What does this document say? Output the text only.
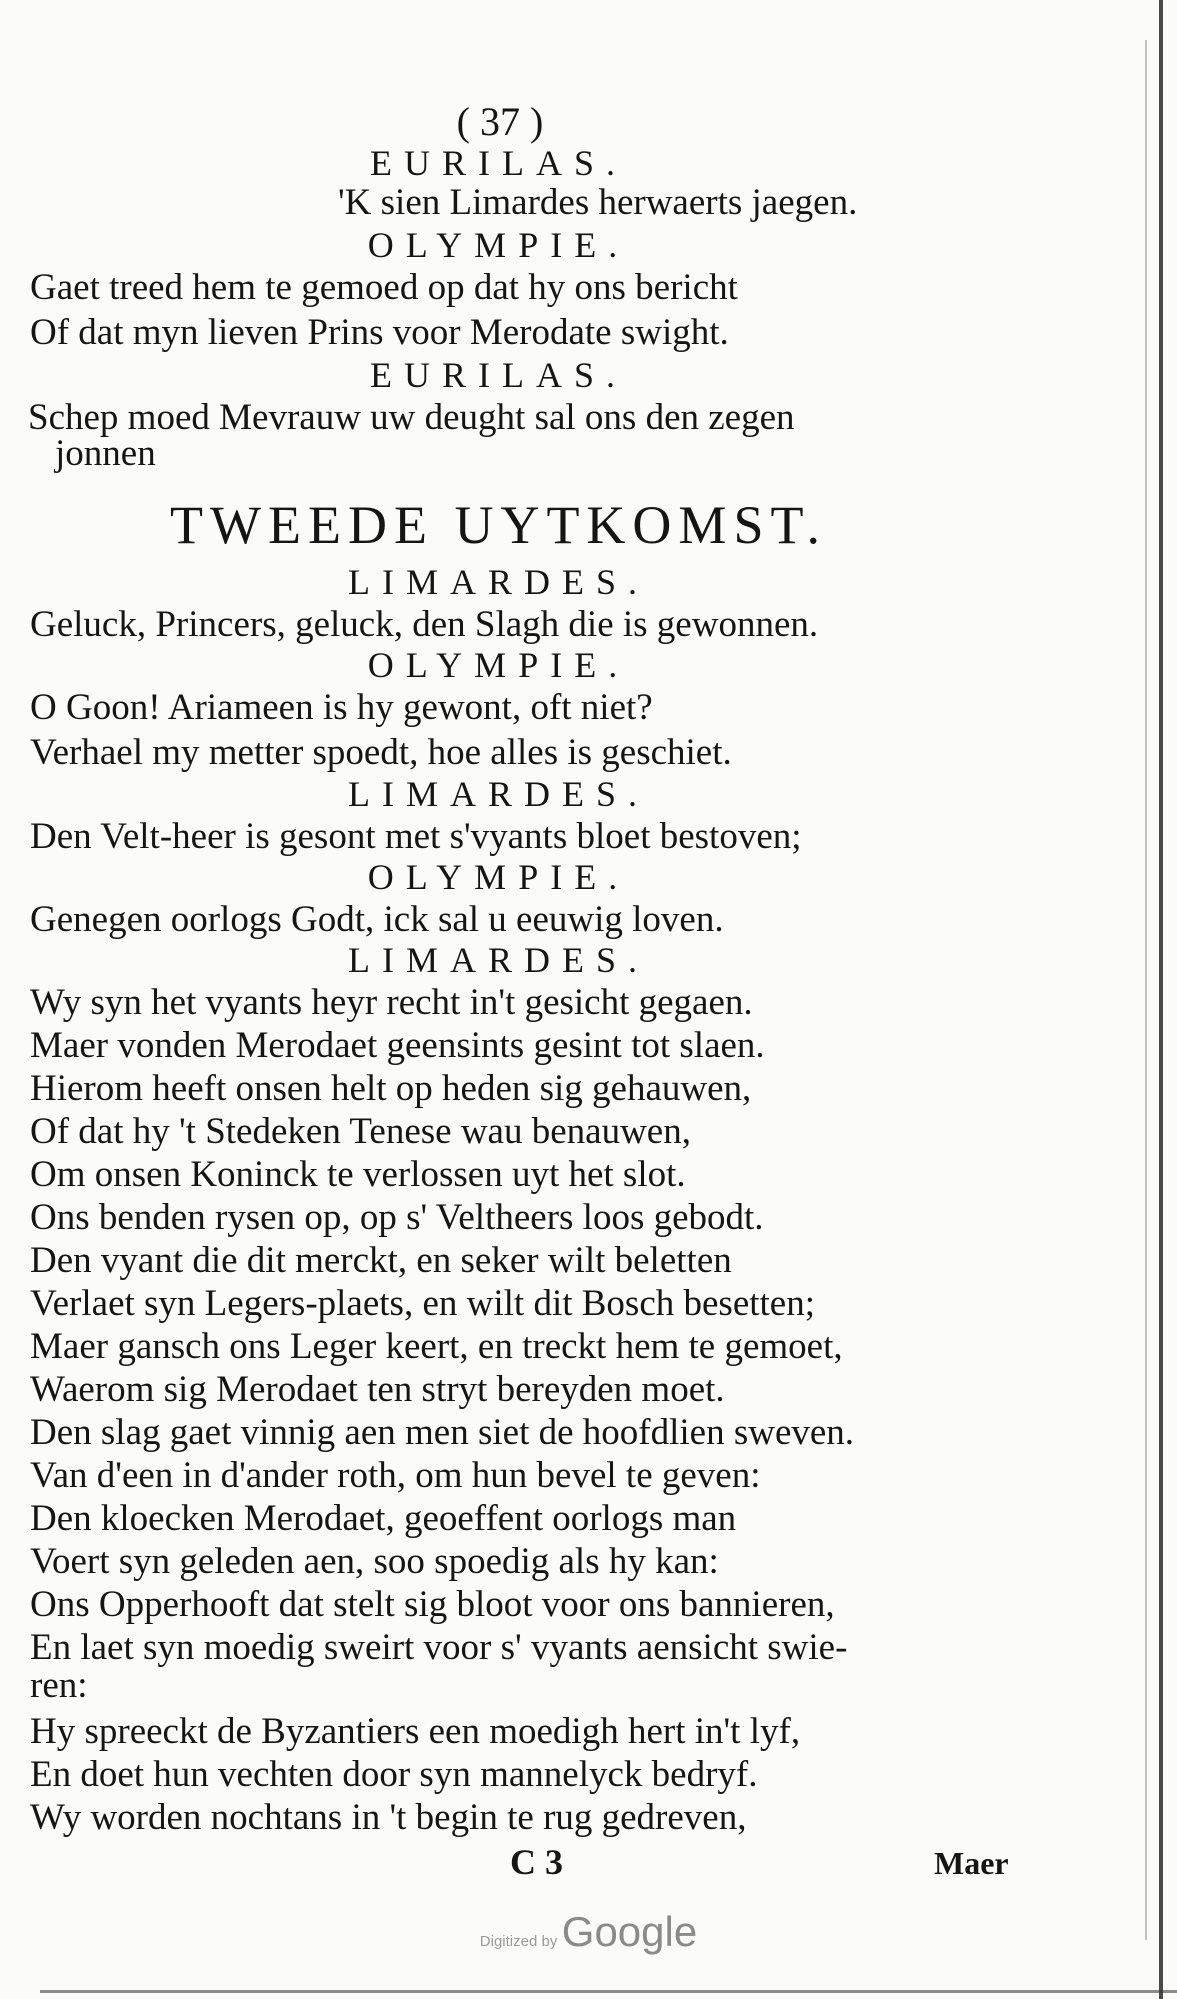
( 37 )
EURILAS.
'K sien Limardes herwaerts jaegen.
OLYMPIE.
Gaet treed hem te gemoed op dat hy ons bericht
Of dat myn lieven Prins voor Merodate swight.
EURILAS.
Schep moed Mevrauw uw deught sal ons den zegen
jonnen
TWEEDE UYTKOMST.
LIMARDES.
Geluck, Princers, geluck, den Slagh die is gewonnen.
OLYMPIE.
O Goon! Ariameen is hy gewont, oft niet?
Verhael my metter spoedt, hoe alles is geschiet.
LIMARDES.
Den Velt-heer is gesont met s'vyants bloet bestoven;
OLYMPIE.
Genegen oorlogs Godt, ick sal u eeuwig loven.
LIMARDES.
Wy syn het vyants heyr recht in't gesicht gegaen.
Maer vonden Merodaet geensints gesint tot slaen.
Hierom heeft onsen helt op heden sig gehauwen,
Of dat hy 't Stedeken Tenese wau benauwen,
Om onsen Koninck te verlossen uyt het slot.
Ons benden rysen op, op s' Veltheers loos gebodt.
Den vyant die dit merckt, en seker wilt beletten
Verlaet syn Legers-plaets, en wilt dit Bosch besetten;
Maer gansch ons Leger keert, en treckt hem te gemoet,
Waerom sig Merodaet ten stryt bereyden moet.
Den slag gaet vinnig aen men siet de hoofdlien sweven.
Van d'een in d'ander roth, om hun bevel te geven:
Den kloecken Merodaet, geoeffent oorlogs man
Voert syn geleden aen, soo spoedig als hy kan:
Ons Opperhooft dat stelt sig bloot voor ons bannieren,
En laet syn moedig sweirt voor s' vyants aensicht swie-
ren:
Hy spreeckt de Byzantiers een moedigh hert in't lyf,
En doet hun vechten door syn mannelyck bedryf.
Wy worden nochtans in 't begin te rug gedreven,
C 3	Maer
Digitized by Google
